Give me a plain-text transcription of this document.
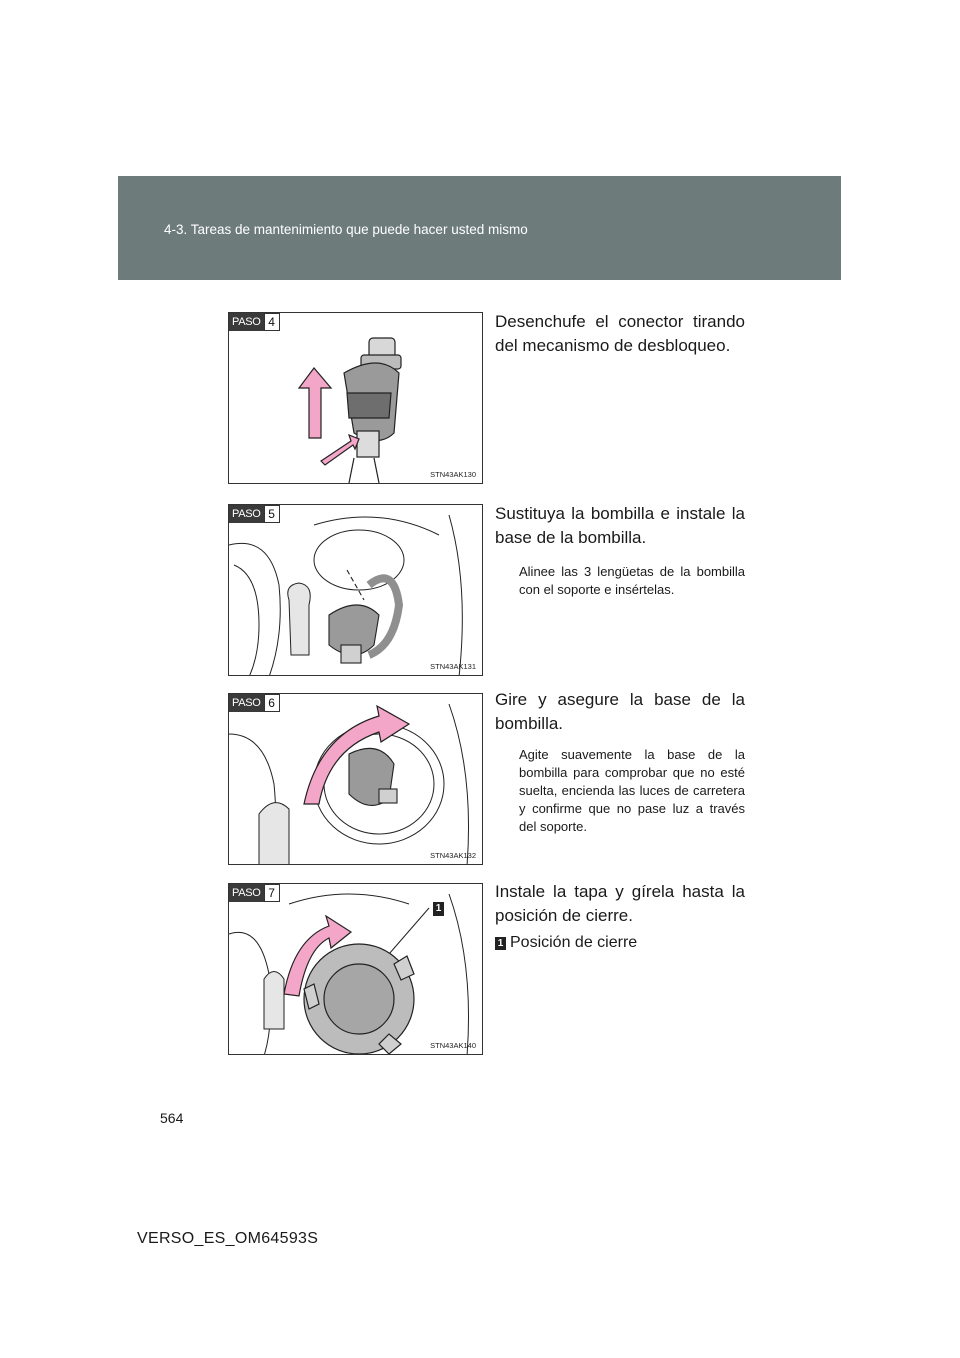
4-3. Tareas de mantenimiento que puede hacer usted mismo
PASO 4
STN43AK130
Desenchufe el conector tirando del mecanismo de desbloqueo.
PASO 5
STN43AK131
Sustituya la bombilla e instale la base de la bombilla.
Alinee las 3 lengüetas de la bombilla con el soporte e insértelas.
PASO 6
STN43AK132
Gire y asegure la base de la bombilla.
Agite suavemente la base de la bombilla para comprobar que no esté suelta, encienda las luces de carretera y confirme que no pase luz a través del soporte.
PASO 7
1
STN43AK140
Instale la tapa y gírela hasta la posición de cierre.
1 Posición de cierre
564
VERSO_ES_OM64593S
